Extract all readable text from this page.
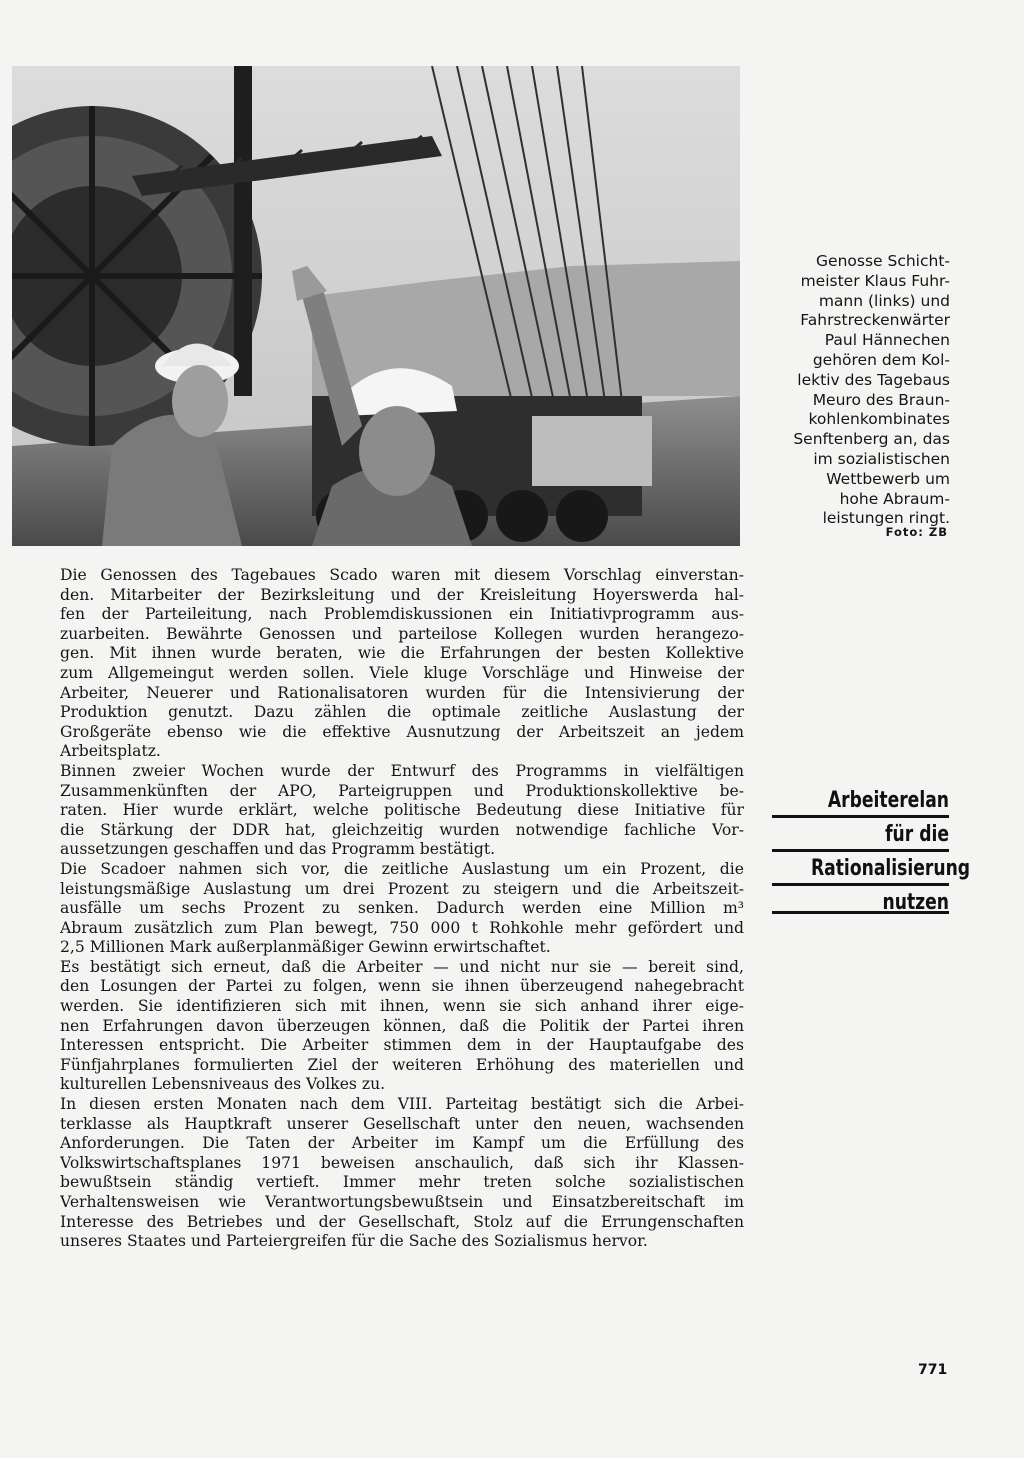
Genosse Schicht-
meister Klaus Fuhr-
mann (links) und
Fahrstreckenwärter
Paul Hännechen
gehören dem Kol-
lektiv des Tagebaus
Meuro des Braun-
kohlenkombinates
Senftenberg an, das
im sozialistischen
Wettbewerb um
hohe Abraum-
leistungen ringt.
Foto: ZB
Arbeiterelan
für die
Rationalisierung
nutzen
Die Genossen des Tagebaues Scado waren mit diesem Vorschlag einverstan-
den. Mitarbeiter der Bezirksleitung und der Kreisleitung Hoyerswerda hal-
fen der Parteileitung, nach Problemdiskussionen ein Initiativprogramm aus-
zuarbeiten. Bewährte Genossen und parteilose Kollegen wurden herangezo-
gen. Mit ihnen wurde beraten, wie die Erfahrungen der besten Kollektive
zum Allgemeingut werden sollen. Viele kluge Vorschläge und Hinweise der
Arbeiter, Neuerer und Rationalisatoren wurden für die Intensivierung der
Produktion genutzt. Dazu zählen die optimale zeitliche Auslastung der
Großgeräte ebenso wie die effektive Ausnutzung der Arbeitszeit an jedem
Arbeitsplatz.
Binnen zweier Wochen wurde der Entwurf des Programms in vielfältigen
Zusammenkünften der APO, Parteigruppen und Produktionskollektive be-
raten. Hier wurde erklärt, welche politische Bedeutung diese Initiative für
die Stärkung der DDR hat, gleichzeitig wurden notwendige fachliche Vor-
aussetzungen geschaffen und das Programm bestätigt.
Die Scadoer nahmen sich vor, die zeitliche Auslastung um ein Prozent, die
leistungsmäßige Auslastung um drei Prozent zu steigern und die Arbeitszeit-
ausfälle um sechs Prozent zu senken. Dadurch werden eine Million m³
Abraum zusätzlich zum Plan bewegt, 750 000 t Rohkohle mehr gefördert und
2,5 Millionen Mark außerplanmäßiger Gewinn erwirtschaftet.
Es bestätigt sich erneut, daß die Arbeiter — und nicht nur sie — bereit sind,
den Losungen der Partei zu folgen, wenn sie ihnen überzeugend nahegebracht
werden. Sie identifizieren sich mit ihnen, wenn sie sich anhand ihrer eige-
nen Erfahrungen davon überzeugen können, daß die Politik der Partei ihren
Interessen entspricht. Die Arbeiter stimmen dem in der Hauptaufgabe des
Fünfjahrplanes formulierten Ziel der weiteren Erhöhung des materiellen und
kulturellen Lebensniveaus des Volkes zu.
In diesen ersten Monaten nach dem VIII. Parteitag bestätigt sich die Arbei-
terklasse als Hauptkraft unserer Gesellschaft unter den neuen, wachsenden
Anforderungen. Die Taten der Arbeiter im Kampf um die Erfüllung des
Volkswirtschaftsplanes 1971 beweisen anschaulich, daß sich ihr Klassen-
bewußtsein ständig vertieft. Immer mehr treten solche sozialistischen
Verhaltensweisen wie Verantwortungsbewußtsein und Einsatzbereitschaft im
Interesse des Betriebes und der Gesellschaft, Stolz auf die Errungenschaften
unseres Staates und Parteiergreifen für die Sache des Sozialismus hervor.
771
